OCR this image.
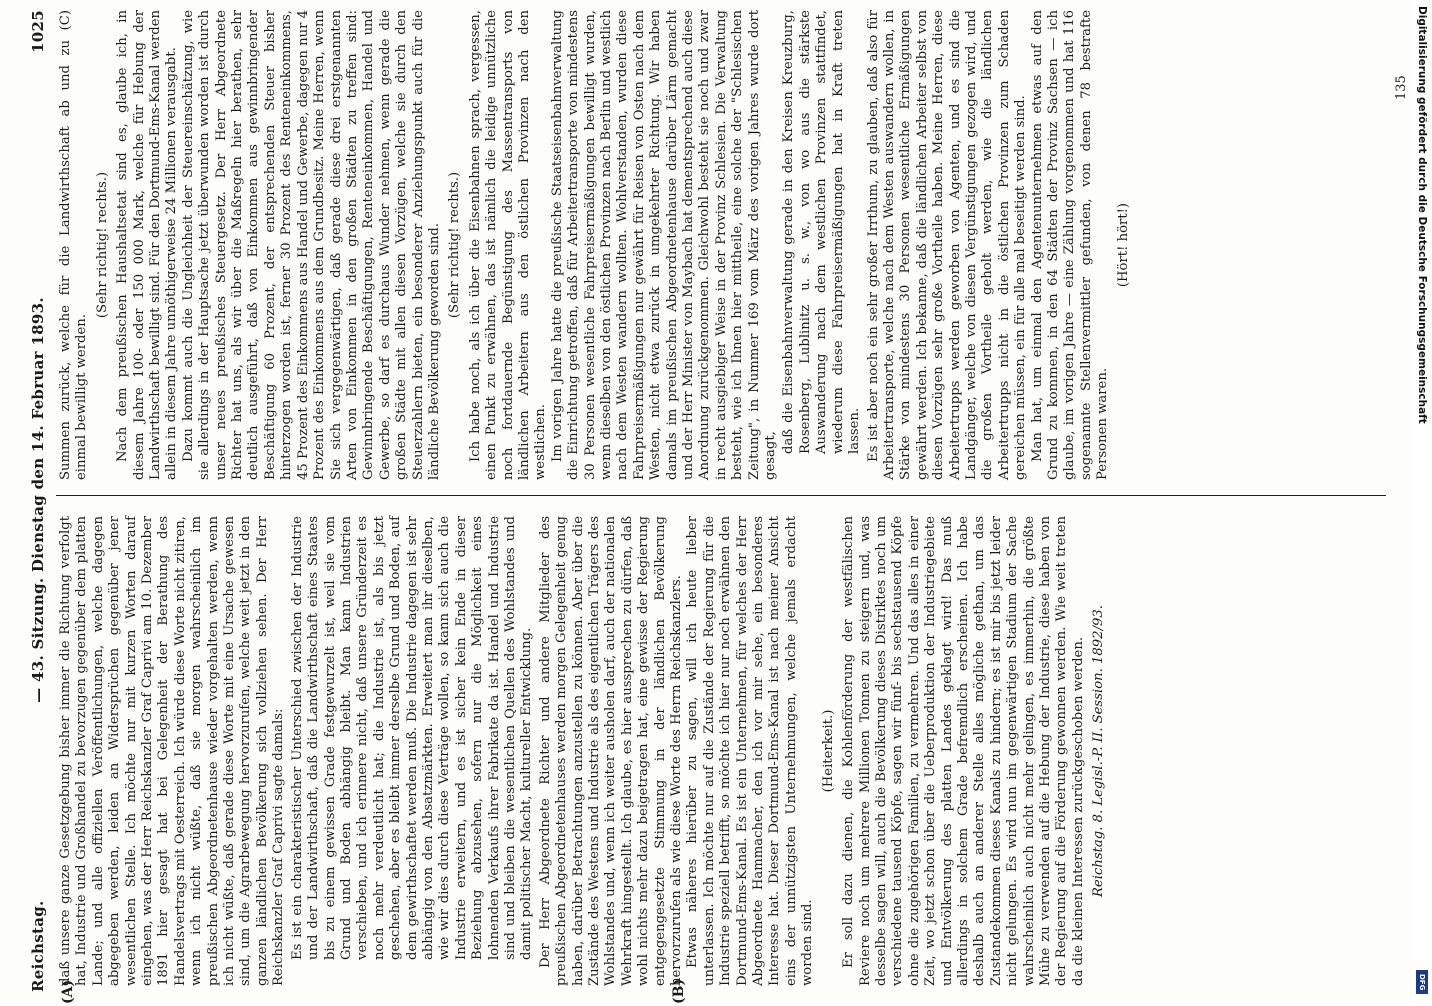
Reichstag.
— 43. Sitzung. Dienstag den 14. Februar 1893.
1025
(A)	(B)

daß unsere ganze Gesetzgebung bisher immer die Richtung verfolgt hat, Industrie und Großhandel zu bevorzugen gegenüber dem platten Lande; und alle offiziellen Veröffentlichungen, welche dagegen abgegeben werden, leiden an Widersprüchen gegenüber jener wesentlichen Stelle. Ich möchte nur mit kurzen Worten darauf eingehen, was der Herr Reichskanzler Graf Caprivi am 10. Dezember 1891 hier gesagt hat bei Gelegenheit der Berathung des Handelsvertrags mit Oesterreich. Ich würde diese Worte nicht zitiren, wenn ich nicht wüßte, daß sie morgen wahrscheinlich im preußischen Abgeordnetenhause wieder vorgehalten werden, wenn ich nicht wüßte, daß gerade diese Worte mit eine Ursache gewesen sind, um die Agrarbewegung hervorzurufen, welche weit jetzt in den ganzen ländlichen Bevölkerung sich vollziehen sehen. Der Herr Reichskanzler Graf Caprivi sagte damals: Es ist ein charakteristischer Unterschied zwischen der Industrie und der Landwirthschaft, daß die Landwirthschaft eines Staates bis zu einem gewissen Grade festgewurzelt ist, weil sie vom Grund und Boden abhängig bleibt. Man kann Industrien verschieben, und ich erinnere nicht, daß unsere Gründerzeit es noch mehr verdeutlicht hat; die Industrie ist, als bis jetzt geschehen, aber es bleibt immer derselbe Grund und Boden, auf dem gewirthschaftet werden muß. Die Industrie dagegen ist sehr abhängig von den Absatzmärkten. Erweitert man ihr dieselben, wie wir dies durch diese Verträge wollen, so kann sich auch die Industrie erweitern, und es ist sicher kein Ende in dieser Beziehung abzusehen, sofern nur die Möglichkeit eines lohnenden Verkaufs ihrer Fabrikate da ist. Handel und Industrie sind und bleiben die wesentlichen Quellen des Wohlstandes und damit politischer Macht, kultureller Entwicklung. Der Herr Abgeordnete Richter und andere Mitglieder des preußischen Abgeordnetenhauses werden morgen Gelegenheit genug haben, darüber Betrachtungen anzustellen zu können. Aber über die Zustände des Westens und Industrie als des eigentlichen Trägers des Wohlstandes und, wenn ich weiter ausholen darf, auch der nationalen Wehrkraft hingestellt. Ich glaube, es hier aussprechen zu dürfen, daß wohl nichts mehr dazu beigetragen hat, eine gewisse der Regierung entgegengesetzte Stimmung in der ländlichen Bevölkerung hervorzurufen als wie diese Worte des Herrn Reichskanzlers. Etwas näheres hierüber zu sagen, will ich heute lieber unterlassen. Ich möchte nur auf die Zustände der Regierung für die Industrie speziell betrifft, so möchte ich hier nur noch erwähnen den Dortmund-Ems-Kanal. Es ist ein Unternehmen, für welches der Herr Abgeordnete Hammacher, den ich vor mir sehe, ein besonderes Interesse hat. Dieser Dortmund-Ems-Kanal ist nach meiner Ansicht eins der unnützigsten Unternehmungen, welche jemals erdacht worden sind.

(Heiterkeit.) Er soll dazu dienen, die Kohlenförderung der westfälischen Reviere noch um mehrere Millionen Tonnen zu steigern und, was desselbe sagen will, auch die Bevölkerung dieses Distriktes noch um verschiedene tausend Köpfe, sagen wir fünf- bis sechstausend Köpfe ohne die zugehörigen Familien, zu vermehren. Und das alles in einer Zeit, wo jetzt schon über die Ueberproduktion der Industriegebiete und Entvölkerung des platten Landes geklagt wird! Das muß allerdings in solchem Grade befremdlich erscheinen. Ich habe deshalb auch an anderer Stelle alles mögliche gethan, um das Zustandekommen dieses Kanals zu hindern; es ist mir bis jetzt leider nicht gelungen. Es wird nun im gegenwärtigen Stadium der Sache wahrscheinlich auch nicht mehr gelingen, es immerhin, die größte Mühe zu verwenden auf die Hebung der Industrie, diese haben von der Regierung auf die Förderung gewonnen werden. Wie weit treten da die kleinen Interessen zurückgeschoben werden. Reichstag. 8. Legisl.-P. II. Session. 1892/93.

Summen zurück, welche für die Landwirthschaft ab und zu (C) einmal bewilligt werden.

(Sehr richtig! rechts.) Nach dem preußischen Haushaltsetat sind es, glaube ich, in diesem Jahre 100- oder 150 000 Mark, welche für Hebung der Landwirthschaft bewilligt sind. Für den Dortmund-Ems-Kanal werden allein in diesem Jahre unnöthigerweise 24 Millionen verausgabt. Dazu kommt auch die Ungleichheit der Steuereinschätzung, wie sie allerdings in der Hauptsache jetzt überwunden worden ist durch unser neues preußisches Steuergesetz. Der Herr Abgeordnete Richter hat uns, als wir über die Maßregeln hier berathen, sehr deutlich ausgeführt, daß von Einkommen aus gewinnbringender Beschäftigung 60 Prozent, der entsprechenden Steuer bisher hinterzogen worden ist, ferner 30 Prozent des Renteneinkommens, 45 Prozent des Einkommens aus Handel und Gewerbe, dagegen nur 4 Prozent des Einkommens aus dem Grundbesitz. Meine Herren, wenn Sie sich vergegenwärtigen, daß gerade diese drei erstgenannten Arten von Einkommen in den großen Städten zu treffen sind: Gewinnbringende Beschäftigungen, Renteneinkommen, Handel und Gewerbe, so darf es durchaus Wunder nehmen, wenn gerade die großen Städte mit allen diesen Vorzügen, welche sie durch den Steuerzahlern bieten, ein besonderer Anziehungspunkt auch für die ländliche Bevölkerung geworden sind. (Sehr richtig! rechts.) Ich habe noch, als ich über die Eisenbahnen sprach, vergessen, einen Punkt zu erwähnen, das ist nämlich die leidige unnützliche noch fortdauernde Begünstigung des Massentransports von ländlichen Arbeitern aus den östlichen Provinzen nach den westlichen. Im vorigen Jahre hatte die preußische Staatseisenbahnverwaltung die Einrichtung getroffen, daß für Arbeitertransporte von mindestens 30 Personen wesentliche Fahrpreisermäßigungen bewilligt wurden, wenn dieselben von den östlichen Provinzen nach Berlin und westlich nach dem Westen wandern wollten. Wohlverstanden, wurden diese Fahrpreisermäßigungen nur gewährt für Reisen von Osten nach dem Westen, nicht etwa zurück in umgekehrter Richtung. Wir haben damals im preußischen Abgeordnetenhause darüber Lärm gemacht und der Herr Minister von Maybach hat dementsprechend auch diese Anordnung zurückgenommen. Gleichwohl besteht sie noch und zwar in recht ausgiebiger Weise in der Provinz Schlesien. Die Verwaltung besteht, wie ich Ihnen hier mittheile, eine solche der "Schlesischen Zeitung", in Nummer 169 vom März des vorigen Jahres wurde dort gesagt,

daß die Eisenbahnverwaltung gerade in den Kreisen Kreuzburg, Rosenberg, Lublinitz u. s. w., von wo aus die stärkste Auswanderung nach dem westlichen Provinzen stattfindet, wiederum diese Fahrpreisermäßigungen hat in Kraft treten lassen. Es ist aber noch ein sehr großer Irrthum, zu glauben, daß also für Arbeitertransporte, welche nach dem Westen auswandern wollen, in Stärke von mindestens 30 Personen wesentliche Ermäßigungen gewährt werden. Ich bekanne, daß die ländlichen Arbeiter selbst von diesen Vorzügen sehr große Vortheile haben. Meine Herren, diese Arbeitertrupps werden geworben von Agenten, und es sind die Landgänger, welche von diesen Vergünstigungen gezogen wird, und die großen Vortheile geholt werden, wie die ländlichen Arbeitertrupps nicht in die östlichen Provinzen zum Schaden gereichen müssen, ein für alle mal beseitigt werden sind. Man hat, um einmal den Agentenunternehmen etwas auf den Grund zu kommen, in den 64 Städten der Provinz Sachsen — ich glaube, im vorigen Jahre — eine Zählung vorgenommen und hat 116 sogenannte Stellenvermittler gefunden, von denen 78 bestrafte Personen waren.

(Hört! hört!)

135 Digitalisierung gefördert durch die Deutsche Forschungsgemeinschaft
DFG
